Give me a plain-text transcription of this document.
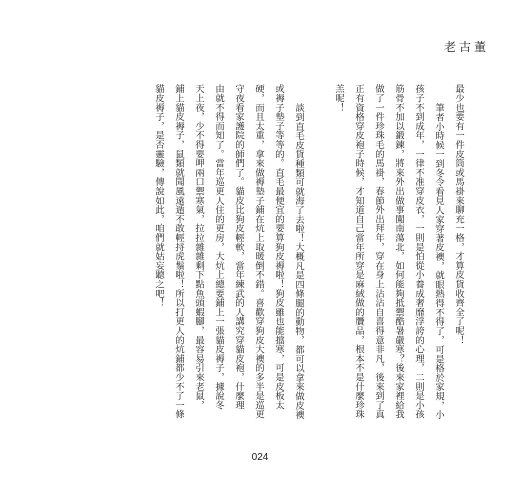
老古董
最少也要有一件皮筒或馬褂來聊充一格，才算皮貨收齊全了呢！
筆者小時候一到冬令看見人家穿著皮襖，就眼熱得不得了，可是格於家規，小
孩子不到成年，一律不准穿皮衣，一則是怕從小養成奢靡浮誇的心理，二則是小孩
筋骨不加以鍛鍊，將來外出做事闖南蕩北，如何能夠抵禦酷暑嚴寒？後來家裡給我
做了一件珍珠毛的馬褂，春節外出拜年，穿在身上沾沾自喜得意非凡，後來到了真
正有資格穿皮袍子時候，才知道自己當年所穿是麻絨做的贗品，根本不是什麼珍珠
羔呢！
談到直毛皮貨種類可就海了去啦！大概凡是四條腿的動物，都可以拿來做皮襖
或褥子墊子等等的。直毛最便宜的要算狗皮褥啦！狗皮雖也能擋寒，可是皮板太
硬，而且太重，拿來做褥墊子鋪在炕上取暖倒不錯。喜歡穿狗皮大襖的多半是巡更
守夜看家護院的師們了。貓皮比狗皮輕軟，當年練武的人講究穿貓皮袍，什麼理
由就不得而知了。當年巡更人住的更房，大炕上總要鋪上一張貓皮褥子，據說冬
天上夜，少不得要呷兩口禦寒氣，拉拉雜雜剩下點魚頭蝦腳，最容易引來老鼠，
鋪上貓皮褥子，鼠類就聞風遠遁不敢輕捋虎鬚啦！所以打更人的炕鋪都少不了一條
貓皮褥子，是否靈驗，傳說如此，咱們就姑妄聽之吧！
024
